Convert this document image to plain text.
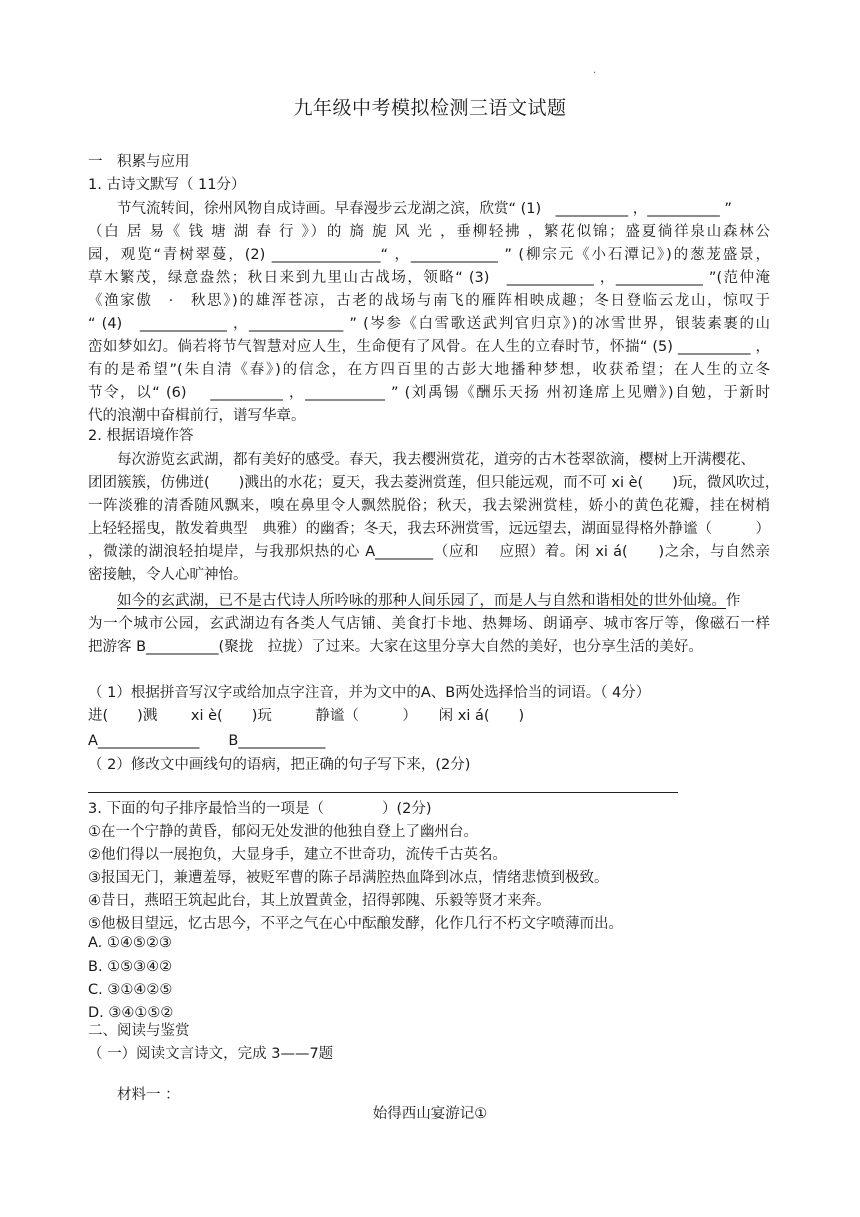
·
九年级中考模拟检测三语文试题
一　积累与应用
1. 古诗文默写（ 11分）
节气流转间，徐州风物自成诗画。早春漫步云龙湖之滨，欣赏“ (1)　__________ ，__________ ”
（白 居 易《 钱 塘 湖 春 行 》）的 旖 旎 风 光 ，垂柳轻拂 ，繁花似锦；盛夏徜徉泉山森林公
园，观览“青树翠蔓，(2) _______________“ ，____________ ” (柳宗元《小石潭记》)的葱茏盛景，
草木繁茂，绿意盎然；秋日来到九里山古战场，领略“ (3)　____________ ，____________ ”(范仲淹
《渔家傲　·　秋思》)的雄浑苍凉，古老的战场与南飞的雁阵相映成趣；冬日登临云龙山，惊叹于
“ (4)　____________ ，_____________ ” (岑参《白雪歌送武判官归京》)的冰雪世界，银装素裹的山
峦如梦如幻。倘若将节气智慧对应人生，生命便有了风骨。在人生的立春时节，怀揣“ (5) __________ ，
有的是希望”(朱自清《春》)的信念，在方四百里的古彭大地播种梦想，收获希望；在人生的立冬
节令，以“ (6)　 __________ ，___________ ” (刘禹锡《酬乐天扬 州初逢席上见赠》)自勉，于新时
代的浪潮中奋楫前行，谱写华章。
2. 根据语境作答
每次游览玄武湖，都有美好的感受。春天，我去樱洲赏花，道旁的古木苍翠欲滴，樱树上开满樱花、
团团簇簇，仿佛迸(　　)溅出的水花；夏天，我去菱洲赏莲，但只能远观，而不可 xi è(　　)玩，微风吹过，
一阵淡雅的清香随风飘来，嗅在鼻里令人飘然脱俗；秋天，我去梁洲赏桂，娇小的黄色花瓣，挂在树梢
上轻轻摇曳，散发着典型　典雅）的幽香；冬天，我去环洲赏雪，远远望去，湖面显得格外静谧（　　　）
，微漾的湖浪轻拍堤岸，与我那炽热的心 A________（应和　 应照）着。闲 xi á(　　)之余，与自然亲
密接触，令人心旷神怡。
如今的玄武湖，已不是古代诗人所吟咏的那种人间乐园了，而是人与自然和谐相处的世外仙境。作
为一个城市公园，玄武湖边有各类人气店铺、美食打卡地、热舞场、朗诵亭、城市客厅等，像磁石一样
把游客 B__________(聚拢　拉拢）了过来。大家在这里分享大自然的美好，也分享生活的美好。
（ 1）根据拼音写汉字或给加点字注音，并为文中的A、B两处选择恰当的词语。（ 4分）
进(　　)溅　　 xi è(　　)玩　　　静谧（　　　）　　闲 xi á(　　)
A______________　　B____________
（ 2）修改文中画线句的语病，把正确的句子写下来，(2分)
3. 下面的句子排序最恰当的一项是（　　　　）(2分)
①在一个宁静的黄昏，郁闷无处发泄的他独自登上了幽州台。
②他们得以一展抱负，大显身手，建立不世奇功，流传千古英名。
③报国无门，兼遭羞辱，被贬军曹的陈子昂满腔热血降到冰点，情绪悲愤到极致。
④昔日，燕昭王筑起此台，其上放置黄金，招得郭隗、乐毅等贤才来奔。
⑤他极目望远，忆古思今，不平之气在心中酝酿发酵，化作几行不朽文字喷薄而出。
A. ①④⑤②③
B. ①⑤③④②
C. ③①④②⑤
D. ③④①⑤②
二、阅读与鉴赏
（ 一）阅读文言诗文，完成 3——7题
材料一 ：
始得西山宴游记①
